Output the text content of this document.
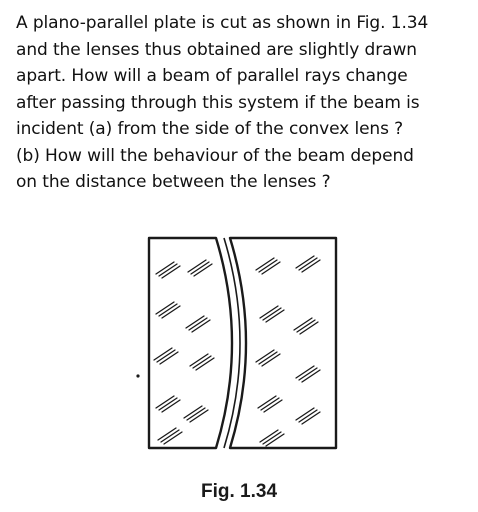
A plano-parallel plate is cut as shown in Fig. 1.34
and the lenses thus obtained are slightly drawn
apart. How will a beam of parallel rays change
after passing through this system if the beam is
incident (a) from the side of the convex lens ?
(b) How will the behaviour of the beam depend
on the distance between the lenses ?

Fig. 1.34
